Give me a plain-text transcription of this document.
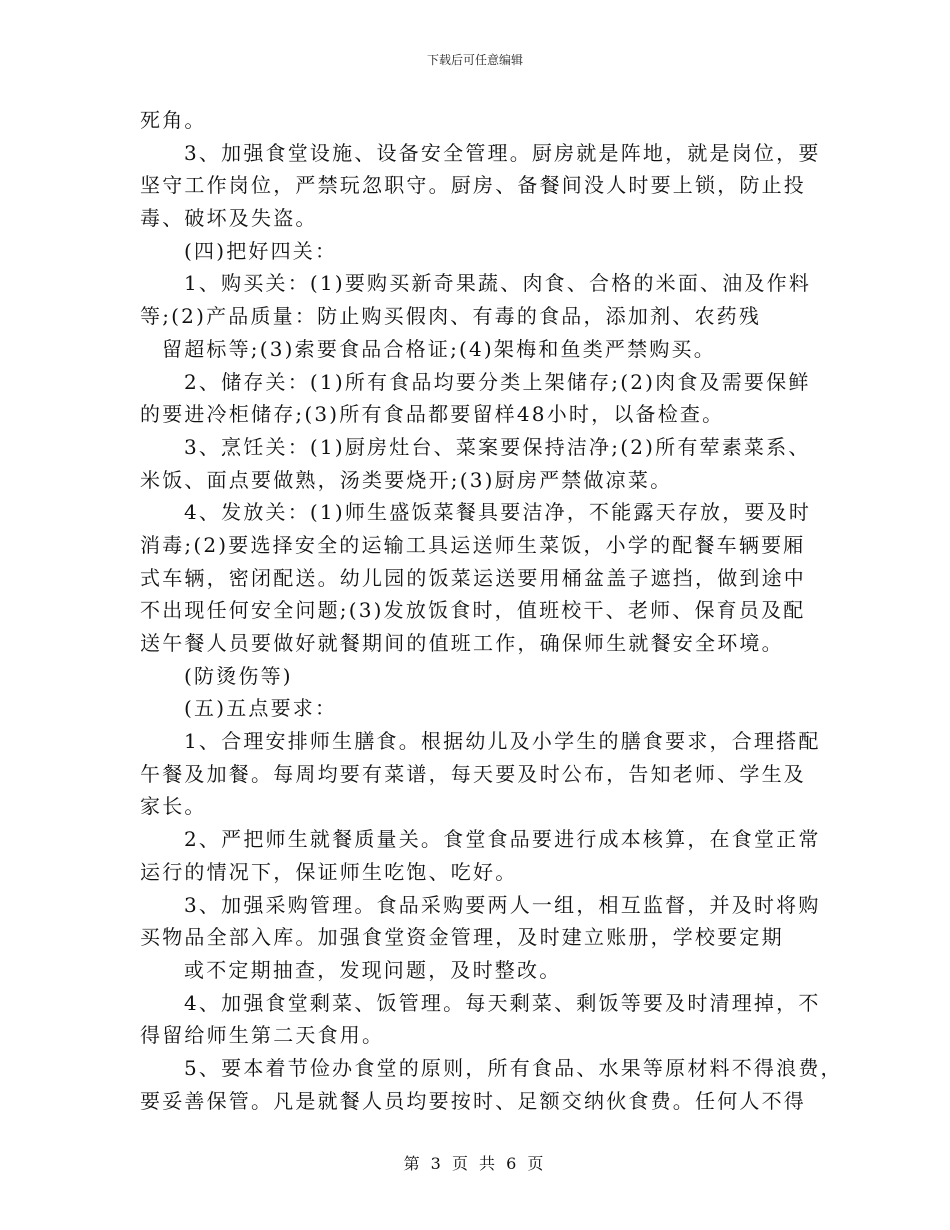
下载后可任意编辑
死角。
3、加强食堂设施、设备安全管理。厨房就是阵地，就是岗位，要
坚守工作岗位，严禁玩忽职守。厨房、备餐间没人时要上锁，防止投
毒、破坏及失盗。
(四)把好四关：
1、购买关：(1)要购买新奇果蔬、肉食、合格的米面、油及作料
等;(2)产品质量：防止购买假肉、有毒的食品，添加剂、农药残
留超标等;(3)索要食品合格证;(4)架梅和鱼类严禁购买。
2、储存关：(1)所有食品均要分类上架储存;(2)肉食及需要保鲜
的要进冷柜储存;(3)所有食品都要留样48小时，以备检查。
3、烹饪关：(1)厨房灶台、菜案要保持洁净;(2)所有荤素菜系、
米饭、面点要做熟，汤类要烧开;(3)厨房严禁做凉菜。
4、发放关：(1)师生盛饭菜餐具要洁净，不能露天存放，要及时
消毒;(2)要选择安全的运输工具运送师生菜饭，小学的配餐车辆要厢
式车辆，密闭配送。幼儿园的饭菜运送要用桶盆盖子遮挡，做到途中
不出现任何安全问题;(3)发放饭食时，值班校干、老师、保育员及配
送午餐人员要做好就餐期间的值班工作，确保师生就餐安全环境。
(防烫伤等)
(五)五点要求：
1、合理安排师生膳食。根据幼儿及小学生的膳食要求，合理搭配
午餐及加餐。每周均要有菜谱，每天要及时公布，告知老师、学生及
家长。
2、严把师生就餐质量关。食堂食品要进行成本核算，在食堂正常
运行的情况下，保证师生吃饱、吃好。
3、加强采购管理。食品采购要两人一组，相互监督，并及时将购
买物品全部入库。加强食堂资金管理，及时建立账册，学校要定期
或不定期抽查，发现问题，及时整改。
4、加强食堂剩菜、饭管理。每天剩菜、剩饭等要及时清理掉，不
得留给师生第二天食用。
5、要本着节俭办食堂的原则，所有食品、水果等原材料不得浪费，
要妥善保管。凡是就餐人员均要按时、足额交纳伙食费。任何人不得
第 3 页 共 6 页
